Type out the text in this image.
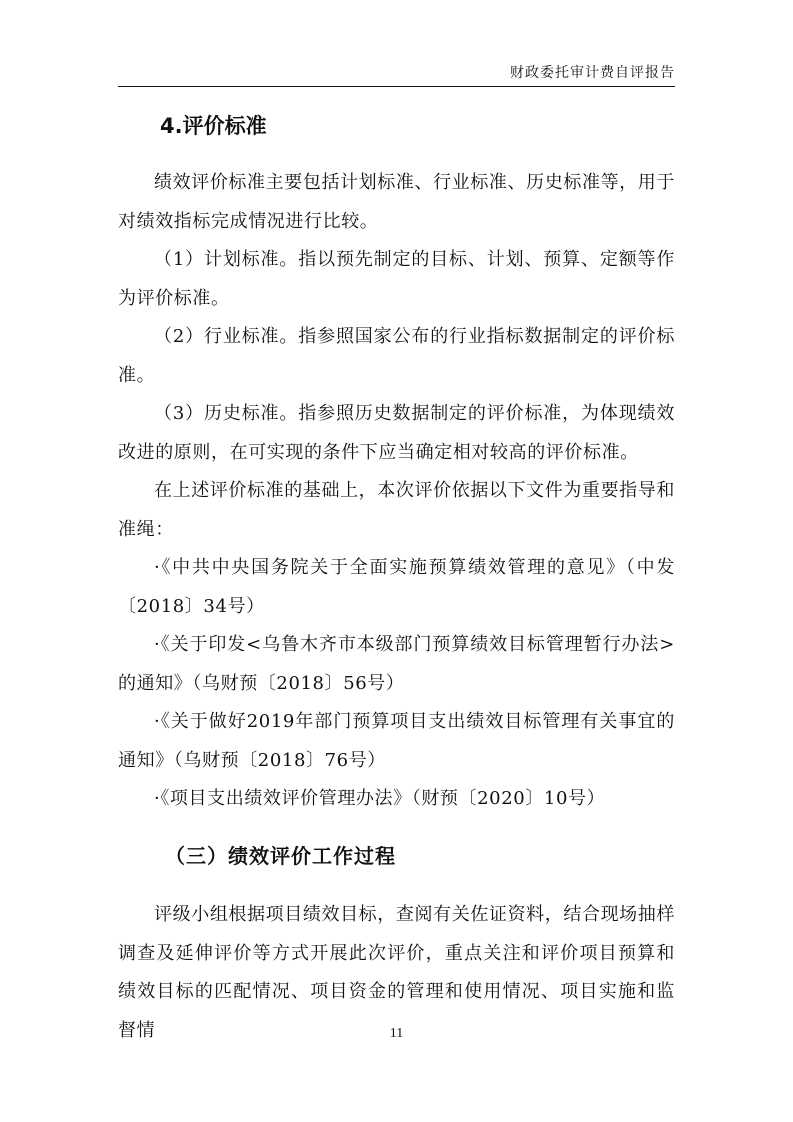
财政委托审计费自评报告
4.评价标准

绩效评价标准主要包括计划标准、行业标准、历史标准等，用于对绩效指标完成情况进行比较。

（1）计划标准。指以预先制定的目标、计划、预算、定额等作为评价标准。

（2）行业标准。指参照国家公布的行业指标数据制定的评价标准。

（3）历史标准。指参照历史数据制定的评价标准，为体现绩效改进的原则，在可实现的条件下应当确定相对较高的评价标准。

在上述评价标准的基础上，本次评价依据以下文件为重要指导和准绳：

·《中共中央国务院关于全面实施预算绩效管理的意见》（中发〔2018〕34号）

·《关于印发<乌鲁木齐市本级部门预算绩效目标管理暂行办法>的通知》（乌财预〔2018〕56号）

·《关于做好2019年部门预算项目支出绩效目标管理有关事宜的通知》（乌财预〔2018〕76号）

·《项目支出绩效评价管理办法》（财预〔2020〕10号）

（三）绩效评价工作过程

评级小组根据项目绩效目标，查阅有关佐证资料，结合现场抽样调查及延伸评价等方式开展此次评价，重点关注和评价项目预算和绩效目标的匹配情况、项目资金的管理和使用情况、项目实施和监督情	11
